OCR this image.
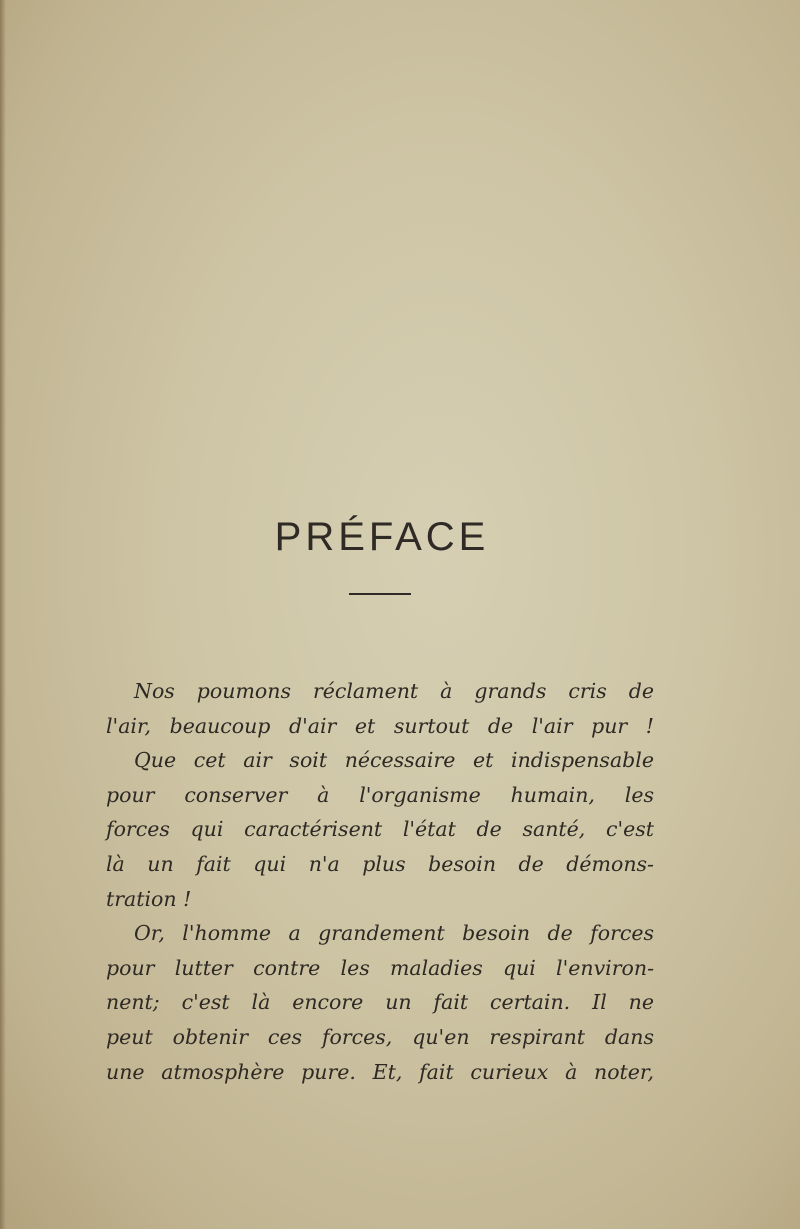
PRÉFACE
Nos poumons réclament à grands cris de
l'air, beaucoup d'air et surtout de l'air pur !
Que cet air soit nécessaire et indispensable
pour conserver à l'organisme humain, les
forces qui caractérisent l'état de santé, c'est
là un fait qui n'a plus besoin de démons-
tration !
Or, l'homme a grandement besoin de forces
pour lutter contre les maladies qui l'environ-
nent; c'est là encore un fait certain. Il ne
peut obtenir ces forces, qu'en respirant dans
une atmosphère pure. Et, fait curieux à noter,
